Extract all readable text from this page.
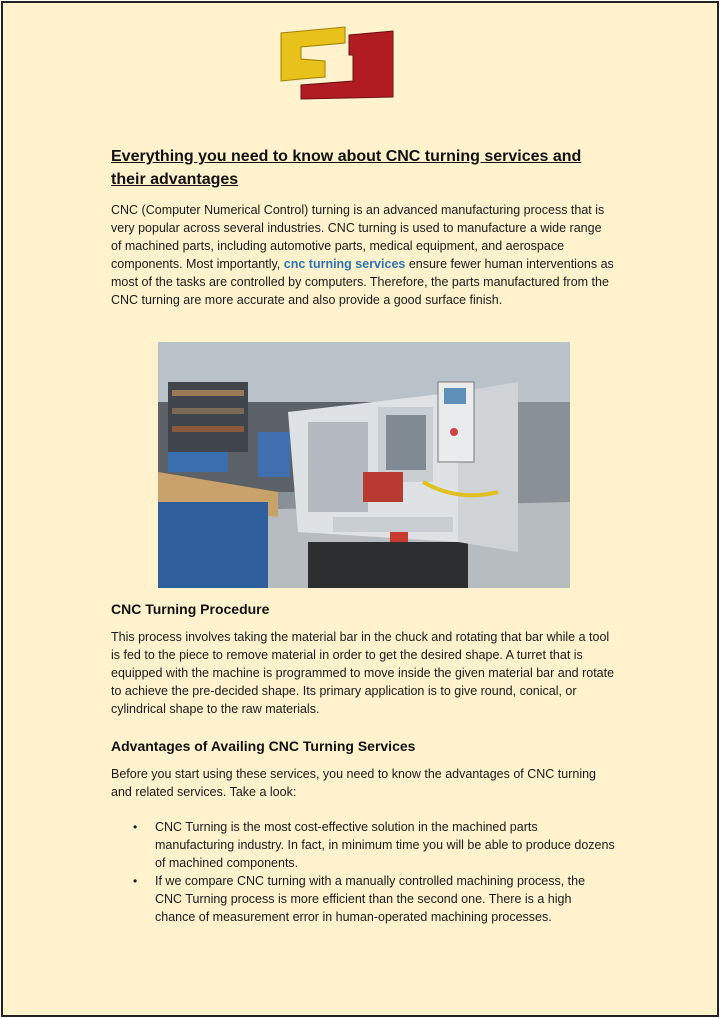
Everything you need to know about CNC turning services and their advantages

CNC (Computer Numerical Control) turning is an advanced manufacturing process that is very popular across several industries. CNC turning is used to manufacture a wide range of machined parts, including automotive parts, medical equipment, and aerospace components. Most importantly, cnc turning services ensure fewer human interventions as most of the tasks are controlled by computers. Therefore, the parts manufactured from the CNC turning are more accurate and also provide a good surface finish.

CNC Turning Procedure

This process involves taking the material bar in the chuck and rotating that bar while a tool is fed to the piece to remove material in order to get the desired shape. A turret that is equipped with the machine is programmed to move inside the given material bar and rotate to achieve the pre-decided shape. Its primary application is to give round, conical, or cylindrical shape to the raw materials.

Advantages of Availing CNC Turning Services

Before you start using these services, you need to know the advantages of CNC turning and related services. Take a look:

• CNC Turning is the most cost-effective solution in the machined parts manufacturing industry. In fact, in minimum time you will be able to produce dozens of machined components.
• If we compare CNC turning with a manually controlled machining process, the CNC Turning process is more efficient than the second one. There is a high chance of measurement error in human-operated machining processes.
